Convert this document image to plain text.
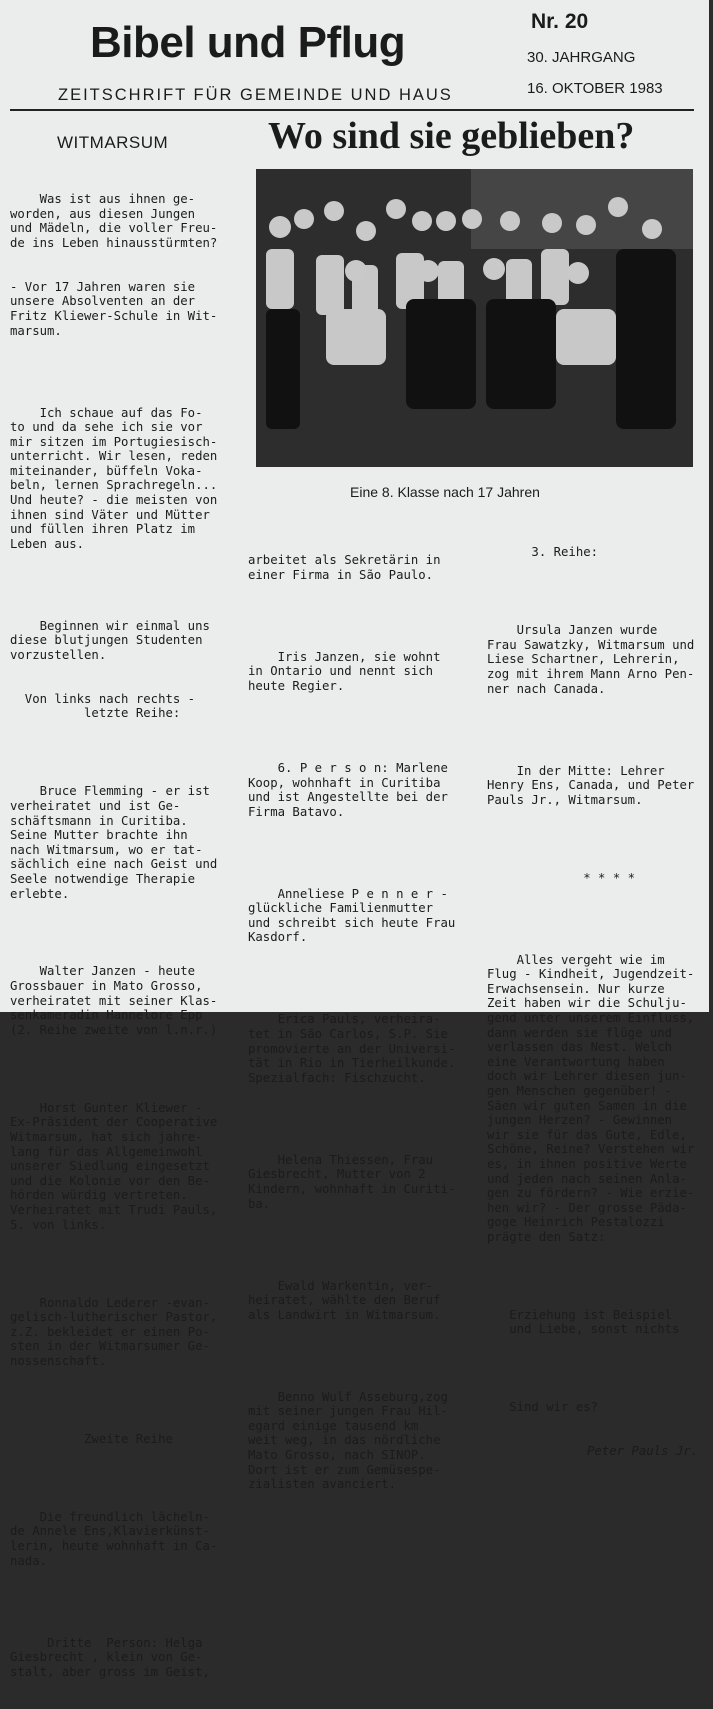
Bibel und Pflug
ZEITSCHRIFT FÜR GEMEINDE UND HAUS
Nr. 20
30. JAHRGANG
16. OKTOBER 1983
WITMARSUM	Wo sind sie geblieben?
Eine 8. Klasse nach 17 Jahren

Was ist aus ihnen ge-
worden, aus diesen Jungen
und Mädeln, die voller Freu-
de ins Leben hinausstürmten?

- Vor 17 Jahren waren sie
unsere Absolventen an der
Fritz Kliewer-Schule in Wit-
marsum.

Ich schaue auf das Fo-
to und da sehe ich sie vor
mir sitzen im Portugiesisch-
unterricht. Wir lesen, reden
miteinander, büffeln Voka-
beln, lernen Sprachregeln...
Und heute? - die meisten von
ihnen sind Väter und Mütter
und füllen ihren Platz im
Leben aus.

Beginnen wir einmal uns
diese blutjungen Studenten
vorzustellen.

Von links nach rechts -
letzte Reihe:

Bruce Flemming - er ist
verheiratet und ist Ge-
schäftsmann in Curitiba.
Seine Mutter brachte ihn
nach Witmarsum, wo er tat-
sächlich eine nach Geist und
Seele notwendige Therapie
erlebte.

Walter Janzen - heute
Grossbauer in Mato Grosso,
verheiratet mit seiner Klas-
senkameradin Hannelore Epp
(2. Reihe zweite von l.n.r.)

Horst Gunter Kliewer -
Ex-Präsident der Cooperative
Witmarsum, hat sich jahre-
lang für das Allgemeinwohl
unserer Siedlung eingesetzt
und die Kolonie vor den Be-
hörden würdig vertreten.
Verheiratet mit Trudi Pauls,
5. von links.

Ronnaldo Lederer -evan-
gelisch-lutherischer Pastor,
z.Z. bekleidet er einen Po-
sten in der Witmarsumer Ge-
nossenschaft.

Zweite Reihe

Die freundlich lächeln-
de Annele Ens,Klavierkünst-
lerin, heute wohnhaft in Ca-
nada.

Dritte  Person: Helga
Giesbrecht , klein von Ge-
stalt, aber gross im Geist,

arbeitet als Sekretärin in
einer Firma in São Paulo.

Iris Janzen, sie wohnt
in Ontario und nennt sich
heute Regier.

6. P e r s o n: Marlene
Koop, wohnhaft in Curitiba
und ist Angestellte bei der
Firma Batavo.

Anneliese P e n n e r -
glückliche Familienmutter
und schreibt sich heute Frau
Kasdorf.

Erica Pauls, verheira-
tet in São Carlos, S.P. Sie
promovierte an der Universi-
tät in Rio in Tierheilkunde.
Spezialfach: Fischzucht.

Helena Thiessen, Frau
Giesbrecht, Mutter von 2
Kindern, wohnhaft in Curiti-
ba.

Ewald Warkentin, ver-
heiratet, wählte den Beruf
als Landwirt in Witmarsum.

Benno Wulf Asseburg,zog
mit seiner jungen Frau Hil-
egard einige tausend km
weit weg, in das nördliche
Mato Grosso, nach SINOP.
Dort ist er zum Gemüsespe-
zialisten avanciert.

3. Reihe:

Ursula Janzen wurde
Frau Sawatzky, Witmarsum und
Liese Schartner, Lehrerin,
zog mit ihrem Mann Arno Pen-
ner nach Canada.

In der Mitte: Lehrer
Henry Ens, Canada, und Peter
Pauls Jr., Witmarsum.

* * * *

Alles vergeht wie im
Flug - Kindheit, Jugendzeit-
Erwachsensein. Nur kurze
Zeit haben wir die Schulju-
gend unter unserem Einfluss,
dann werden sie flüge und
verlassen das Nest. Welch
eine Verantwortung haben
doch wir Lehrer diesen jun-
gen Menschen gegenüber! -
Säen wir guten Samen in die
jungen Herzen? - Gewinnen
wir sie für das Gute, Edle,
Schöne, Reine? Verstehen wir
es, in ihnen positive Werte
und jeden nach seinen Anla-
gen zu fördern? - Wie erzie-
hen wir? - Der grosse Päda-
goge Heinrich Pestalozzi
prägte den Satz:

Erziehung ist Beispiel
und Liebe, sonst nichts

Sind wir es?

Peter Pauls Jr.
